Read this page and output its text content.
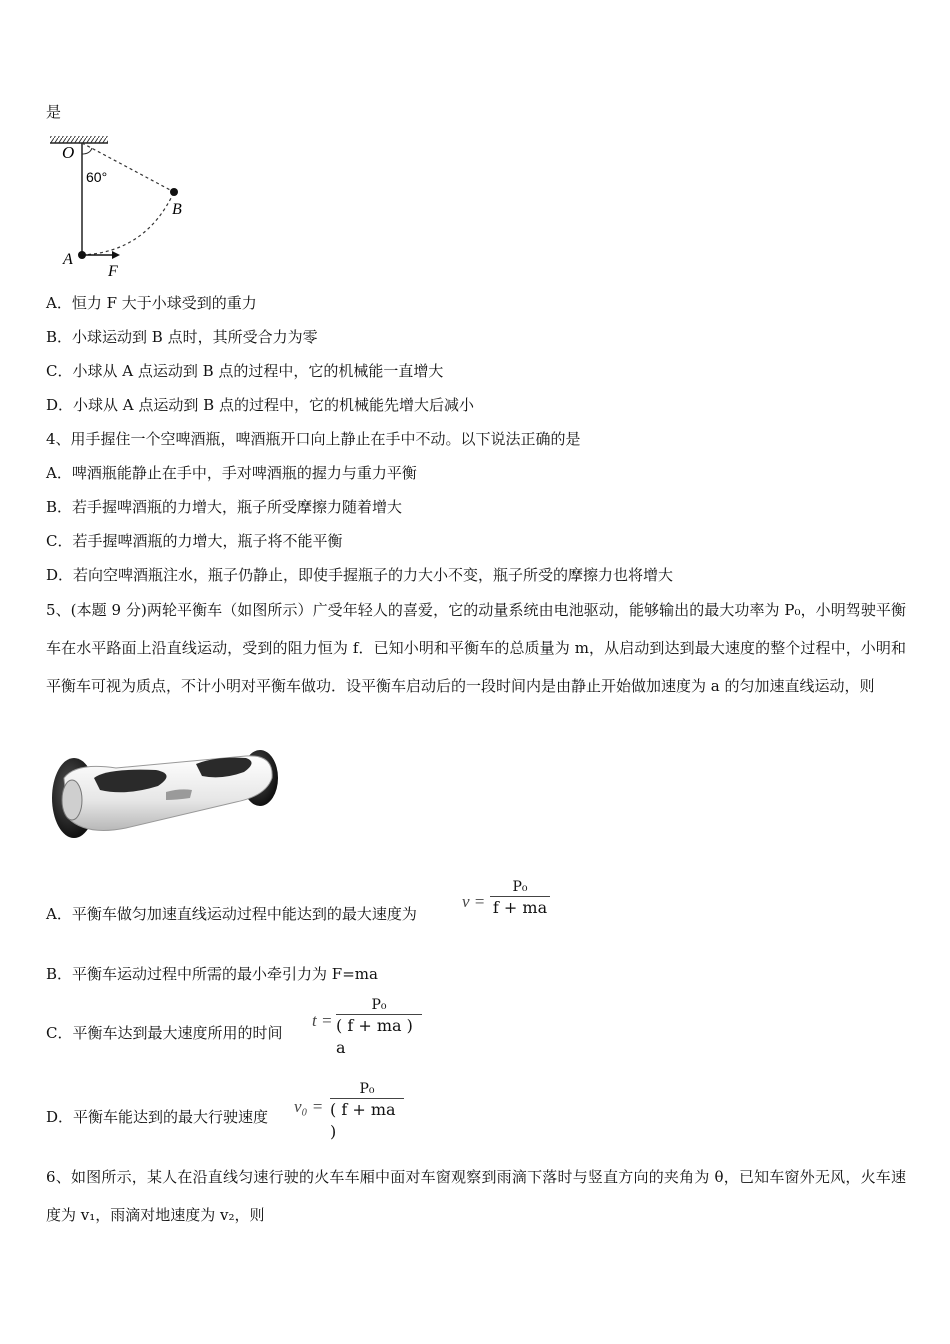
是
O
60°
B
A
F
A．恒力 F 大于小球受到的重力
B．小球运动到 B 点时，其所受合力为零
C．小球从 A 点运动到 B 点的过程中，它的机械能一直增大
D．小球从 A 点运动到 B 点的过程中，它的机械能先增大后减小
4、用手握住一个空啤酒瓶，啤酒瓶开口向上静止在手中不动。以下说法正确的是
A．啤酒瓶能静止在手中，手对啤酒瓶的握力与重力平衡
B．若手握啤酒瓶的力增大，瓶子所受摩擦力随着增大
C．若手握啤酒瓶的力增大，瓶子将不能平衡
D．若向空啤酒瓶注水，瓶子仍静止，即使手握瓶子的力大小不变，瓶子所受的摩擦力也将增大
5、(本题 9 分)两轮平衡车（如图所示）广受年轻人的喜爱，它的动量系统由电池驱动，能够输出的最大功率为 P₀，小明驾驶平衡车在水平路面上沿直线运动，受到的阻力恒为 f．已知小明和平衡车的总质量为 m，从启动到达到最大速度的整个过程中，小明和平衡车可视为质点，不计小明对平衡车做功．设平衡车启动后的一段时间内是由静止开始做加速度为 a 的匀加速直线运动，则
A．平衡车做匀加速直线运动过程中能达到的最大速度为
v =
P₀
f + ma
B．平衡车运动过程中所需的最小牵引力为 F=ma
C．平衡车达到最大速度所用的时间
t =
P₀
( f + ma ) a
D．平衡车能达到的最大行驶速度
v₀ =
P₀
( f + ma )
6、如图所示，某人在沿直线匀速行驶的火车车厢中面对车窗观察到雨滴下落时与竖直方向的夹角为 θ，已知车窗外无风，火车速度为 v₁，雨滴对地速度为 v₂，则
